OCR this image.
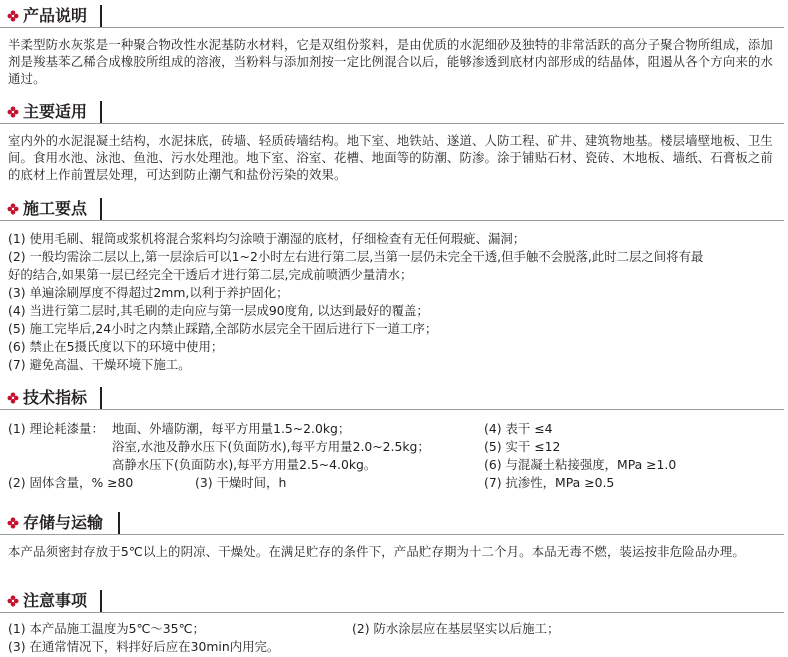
产品说明
半柔型防水灰浆是一种聚合物改性水泥基防水材料，它是双组份浆料，是由优质的水泥细砂及独特的非常活跃的高分子聚合物所组成，添加剂是羧基苯乙稀合成橡胶所组成的溶液，当粉料与添加剂按一定比例混合以后，能够渗透到底材内部形成的结晶体，阻遏从各个方向来的水通过。
主要适用
室内外的水泥混凝土结构，水泥抹底，砖墙、轻质砖墙结构。地下室、地铁站、遂道、人防工程、矿井、建筑物地基。楼层墙壁地板、卫生间。食用水池、泳池、鱼池、污水处理池。地下室、浴室、花槽、地面等的防潮、防渗。涂于铺贴石材、瓷砖、木地板、墙纸、石膏板之前的底材上作前置层处理，可达到防止潮气和盐份污染的效果。
施工要点
(1) 使用毛刷、辊筒或浆机将混合浆料均匀涂喷于潮湿的底材，仔细检查有无任何瑕疵、漏洞；
(2) 一般均需涂二层以上,第一层涂后可以1~2小时左右进行第二层,当第一层仍未完全干透,但手触不会脱落,此时二层之间将有最
好的结合,如果第一层已经完全干透后才进行第二层,完成前喷洒少量清水；
(3) 单遍涂刷厚度不得超过2mm,以利于养护固化；
(4) 当进行第二层时,其毛刷的走向应与第一层成90度角, 以达到最好的覆盖；
(5) 施工完毕后,24小时之内禁止踩踏,全部防水层完全干固后进行下一道工序；
(6) 禁止在5摄氏度以下的环境中使用；
(7) 避免高温、干燥环境下施工。
技术指标
(1) 理论耗漆量： 地面、外墙防潮，每平方用量1.5~2.0kg；
浴室,水池及静水压下(负面防水),每平方用量2.0~2.5kg；
高静水压下(负面防水),每平方用量2.5~4.0kg。
(2) 固体含量，% ≥80	(3) 干燥时间，h
(4) 表干 ≤4
(5) 实干 ≤12
(6) 与混凝土粘接强度，MPa ≥1.0
(7) 抗渗性，MPa ≥0.5
存储与运输
本产品须密封存放于5℃以上的阴凉、干燥处。在满足贮存的条件下，产品贮存期为十二个月。本品无毒不燃，装运按非危险品办理。
注意事项
(1) 本产品施工温度为5℃～35℃；	(2) 防水涂层应在基层坚实以后施工；
(3) 在通常情况下，料拌好后应在30min内用完。
